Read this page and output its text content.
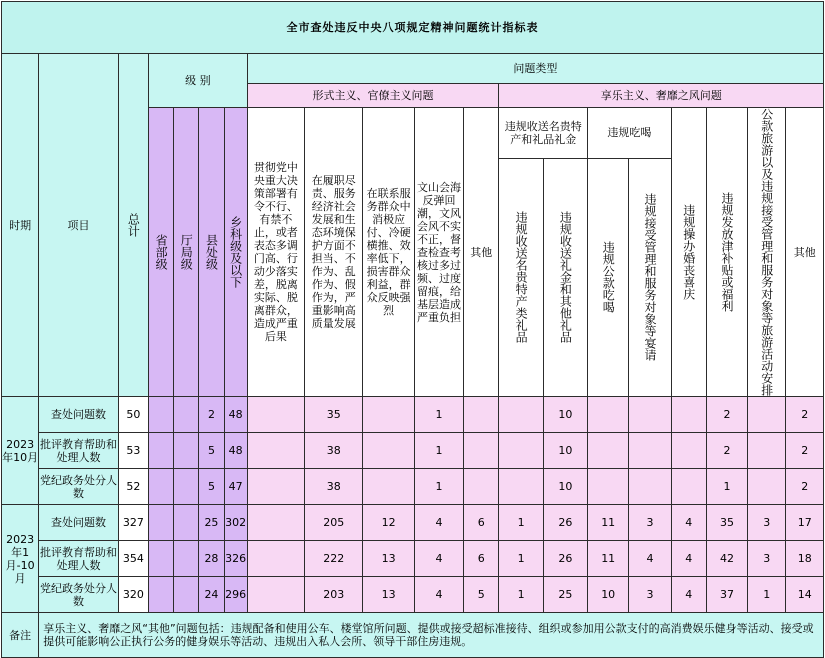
全市查处违反中央八项规定精神问题统计指标表																			
时期	项目	总计	级 别				问题类型												
							形式主义、官僚主义问题					享乐主义、奢靡之风问题							

			省部级	厅局级	县处级	乡科级及以下	贯彻党中央重大决策部署有令不行、有禁不止，或者表态多调门高、行动少落实差，脱离实际、脱离群众，造成严重后果	在履职尽责、服务经济社会发展和生态环境保护方面不担当、不作为、乱作为、假作为，严重影响高质量发展	在联系服务群众中消极应付、冷硬横推、效率低下，损害群众利益，群众反映强烈	文山会海反弹回潮，文风会风不实不正，督查检查考核过多过频、过度留痕，给基层造成严重负担	其他	违规收送名贵特产和礼品礼金		违规吃喝		违规操办婚丧喜庆	违规发放津补贴或福利	公款旅游以及违规接受管理和服务对象等旅游活动安排	其他

												违规收送名贵特产类礼品	违规收送礼金和其他礼品	违规公款吃喝	违规接受管理和服务对象等宴请				

2023年10月	查处问题数	50			2	48		35		1			10				2		2
	批评教育帮助和处理人数	53			5	48		38		1			10				2		2
	党纪政务处分人数	52			5	47		38		1			10				1		2
2023年1月-10月	查处问题数	327			25	302		205	12	4	6	1	26	11	3	4	35	3	17
	批评教育帮助和处理人数	354			28	326		222	13	4	6	1	26	11	4	4	42	3	18
	党纪政务处分人数	320			24	296		203	13	4	5	1	25	10	3	4	37	1	14
备注	享乐主义、奢靡之风“其他”问题包括：违规配备和使用公车、楼堂馆所问题、提供或接受超标准接待、组织或参加用公款支付的高消费娱乐健身等活动、接受或提供可能影响公正执行公务的健身娱乐等活动、违规出入私人会所、领导干部住房违规。																		
